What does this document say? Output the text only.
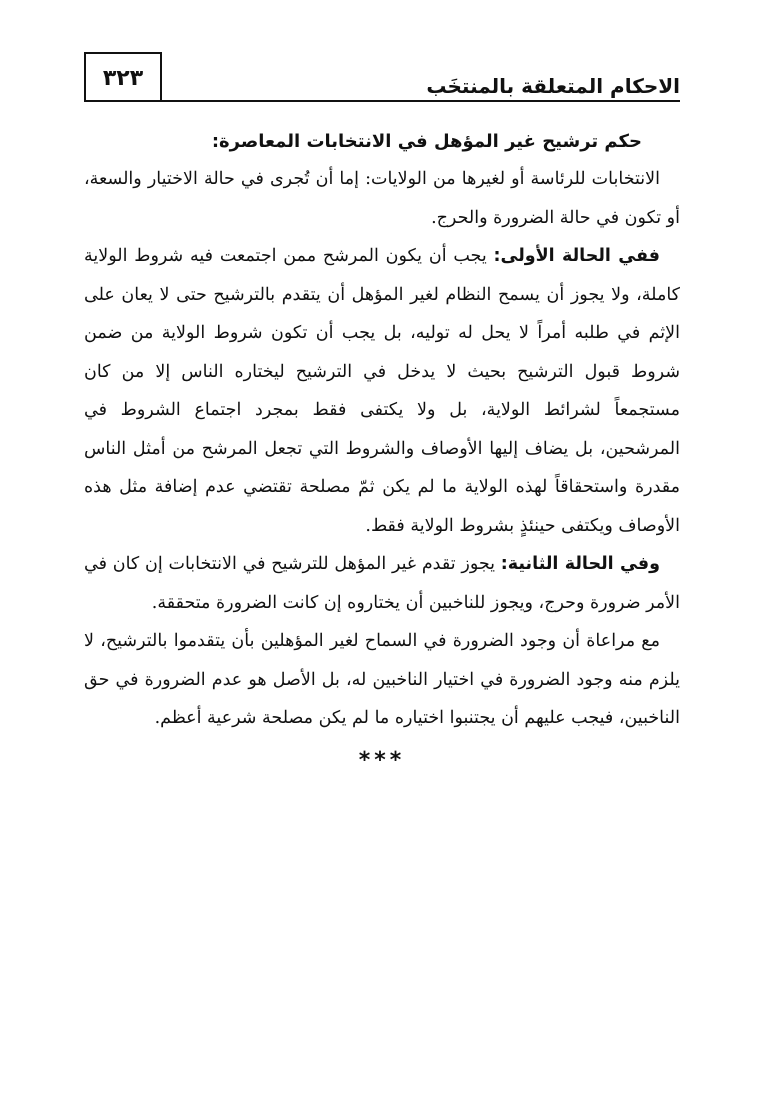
الاحكام المتعلقة بالمنتخَب
٣٢٣

حكم ترشيح غير المؤهل في الانتخابات المعاصرة:

الانتخابات للرئاسة أو لغيرها من الولايات: إما أن تُجرى في حالة الاختيار والسعة، أو تكون في حالة الضرورة والحرج.

ففي الحالة الأولى: يجب أن يكون المرشح ممن اجتمعت فيه شروط الولاية كاملة، ولا يجوز أن يسمح النظام لغير المؤهل أن يتقدم بالترشيح حتى لا يعان على الإثم في طلبه أمراً لا يحل له توليه، بل يجب أن تكون شروط الولاية من ضمن شروط قبول الترشيح بحيث لا يدخل في الترشيح ليختاره الناس إلا من كان مستجمعاً لشرائط الولاية، بل ولا يكتفى فقط بمجرد اجتماع الشروط في المرشحين، بل يضاف إليها الأوصاف والشروط التي تجعل المرشح من أمثل الناس مقدرة واستحقاقاً لهذه الولاية ما لم يكن ثمّ مصلحة تقتضي عدم إضافة مثل هذه الأوصاف ويكتفى حينئذٍ بشروط الولاية فقط.

وفي الحالة الثانية: يجوز تقدم غير المؤهل للترشيح في الانتخابات إن كان في الأمر ضرورة وحرج، ويجوز للناخبين أن يختاروه إن كانت الضرورة متحققة.

مع مراعاة أن وجود الضرورة في السماح لغير المؤهلين بأن يتقدموا بالترشيح، لا يلزم منه وجود الضرورة في اختيار الناخبين له، بل الأصل هو عدم الضرورة في حق الناخبين، فيجب عليهم أن يجتنبوا اختياره ما لم يكن مصلحة شرعية أعظم.

***
